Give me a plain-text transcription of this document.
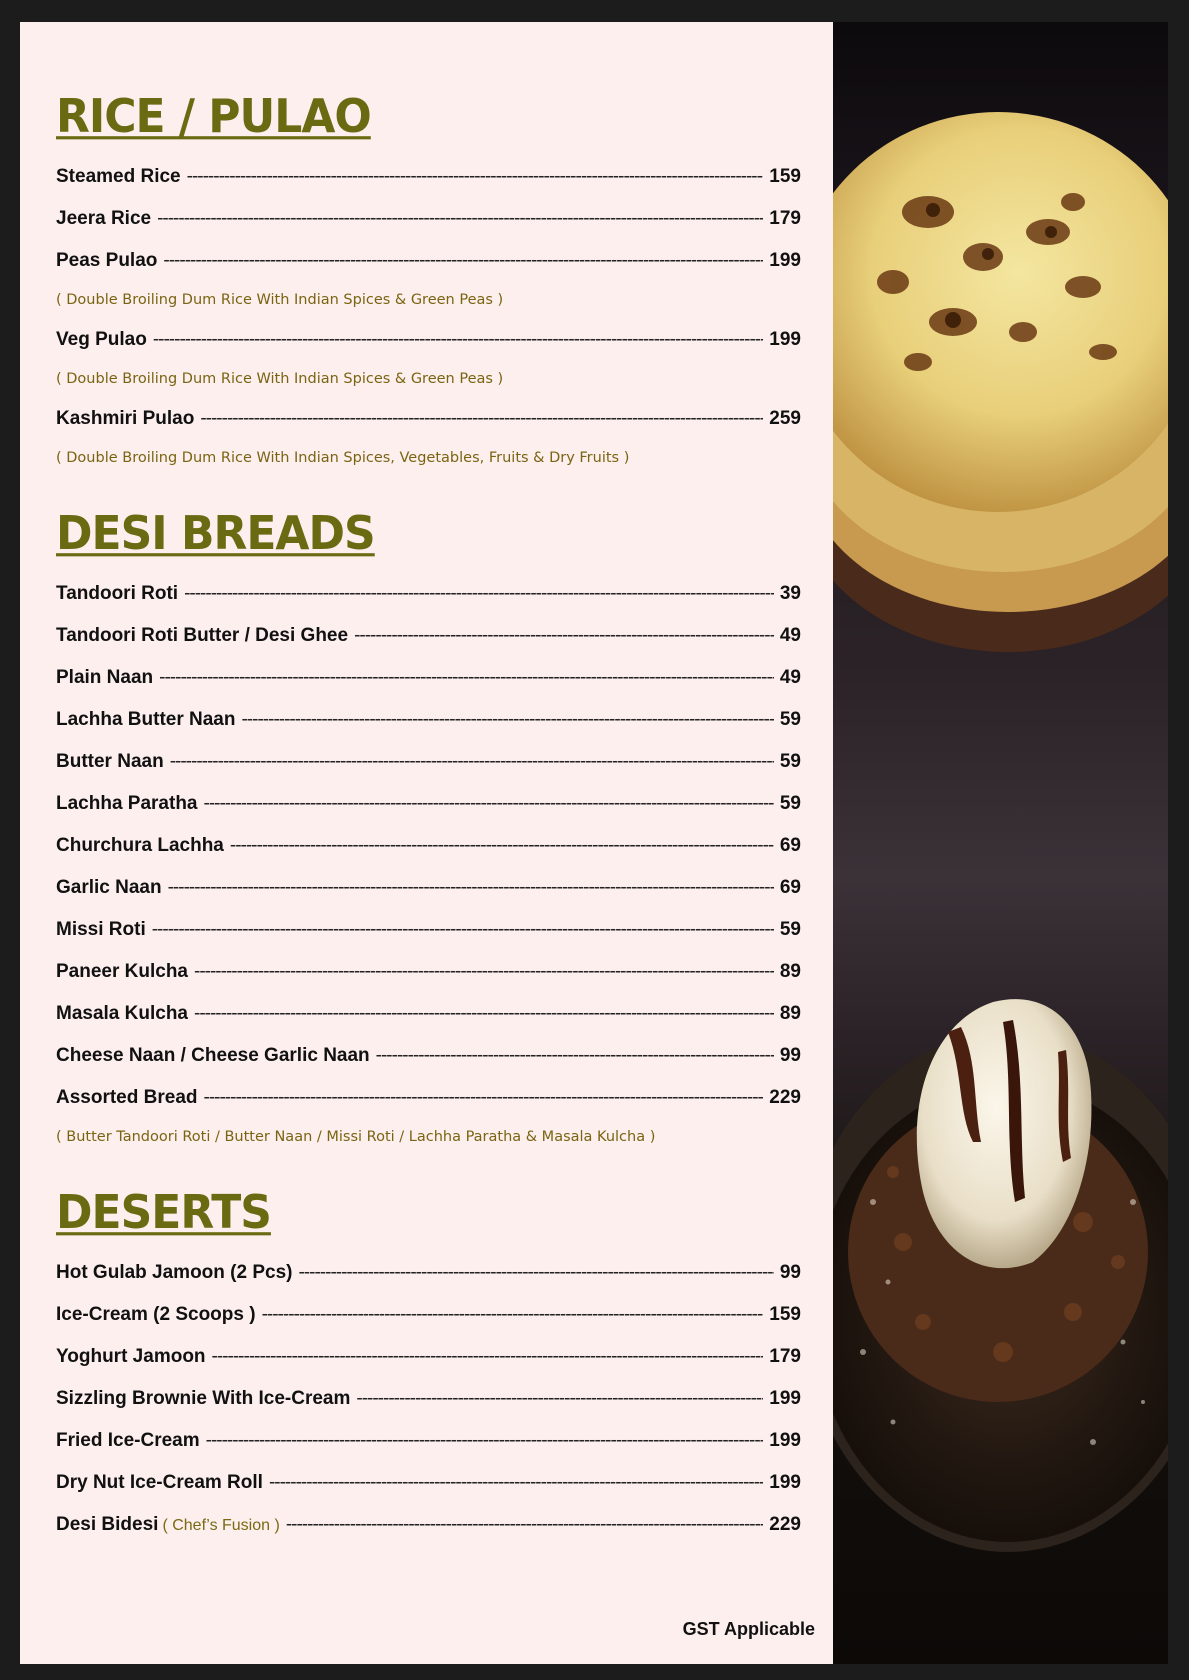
RICE / PULAO
Steamed Rice -----	159
Jeera Rice -----	179
Peas Pulao -----	199
( Double Broiling Dum Rice With Indian Spices & Green Peas )
Veg Pulao -----	199
( Double Broiling Dum Rice With Indian Spices & Green Peas )
Kashmiri Pulao -----	259
( Double Broiling Dum Rice With Indian Spices, Vegetables, Fruits & Dry Fruits )
DESI BREADS
Tandoori Roti -----	39
Tandoori Roti Butter / Desi Ghee -----	49
Plain Naan -----	49
Lachha Butter Naan -----	59
Butter Naan -----	59
Lachha Paratha -----	59
Churchura Lachha -----	69
Garlic Naan -----	69
Missi Roti -----	59
Paneer Kulcha -----	89
Masala Kulcha -----	89
Cheese Naan / Cheese Garlic Naan -----	99
Assorted Bread -----	229
( Butter Tandoori Roti / Butter Naan / Missi Roti / Lachha Paratha & Masala Kulcha )
DESERTS
Hot Gulab Jamoon (2 Pcs) -----	99
Ice-Cream (2 Scoops ) -----	159
Yoghurt Jamoon -----	179
Sizzling Brownie With Ice-Cream -----	199
Fried Ice-Cream -----	199
Dry Nut Ice-Cream Roll -----	199
Desi Bidesi ( Chef’s Fusion ) -----	229
GST Applicable
